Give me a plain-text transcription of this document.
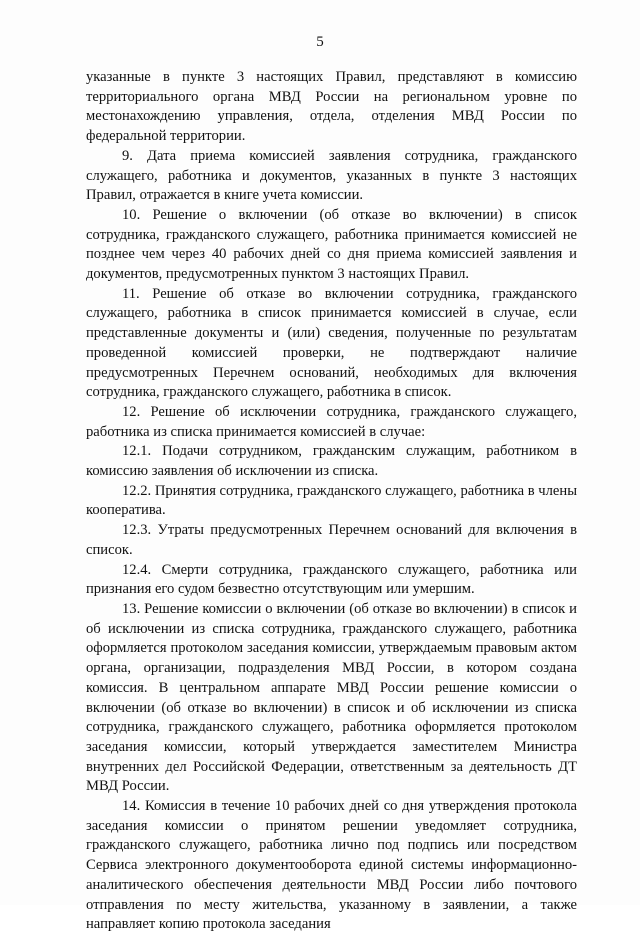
5

указанные в пункте 3 настоящих Правил, представляют в комиссию территориального органа МВД России на региональном уровне по местонахождению управления, отдела, отделения МВД России по федеральной территории.

9. Дата приема комиссией заявления сотрудника, гражданского служащего, работника и документов, указанных в пункте 3 настоящих Правил, отражается в книге учета комиссии.

10. Решение о включении (об отказе во включении) в список сотрудника, гражданского служащего, работника принимается комиссией не позднее чем через 40 рабочих дней со дня приема комиссией заявления и документов, предусмотренных пунктом 3 настоящих Правил.

11. Решение об отказе во включении сотрудника, гражданского служащего, работника в список принимается комиссией в случае, если представленные документы и (или) сведения, полученные по результатам проведенной комиссией проверки, не подтверждают наличие предусмотренных Перечнем оснований, необходимых для включения сотрудника, гражданского служащего, работника в список.

12. Решение об исключении сотрудника, гражданского служащего, работника из списка принимается комиссией в случае:

12.1. Подачи сотрудником, гражданским служащим, работником в комиссию заявления об исключении из списка.

12.2. Принятия сотрудника, гражданского служащего, работника в члены кооператива.

12.3. Утраты предусмотренных Перечнем оснований для включения в список.

12.4. Смерти сотрудника, гражданского служащего, работника или признания его судом безвестно отсутствующим или умершим.

13. Решение комиссии о включении (об отказе во включении) в список и об исключении из списка сотрудника, гражданского служащего, работника оформляется протоколом заседания комиссии, утверждаемым правовым актом органа, организации, подразделения МВД России, в котором создана комиссия. В центральном аппарате МВД России решение комиссии о включении (об отказе во включении) в список и об исключении из списка сотрудника, гражданского служащего, работника оформляется протоколом заседания комиссии, который утверждается заместителем Министра внутренних дел Российской Федерации, ответственным за деятельность ДТ МВД России.

14. Комиссия в течение 10 рабочих дней со дня утверждения протокола заседания комиссии о принятом решении уведомляет сотрудника, гражданского служащего, работника лично под подпись или посредством Сервиса электронного документооборота единой системы информационно-аналитического обеспечения деятельности МВД России либо почтового отправления по месту жительства, указанному в заявлении, а также направляет копию протокола заседания
